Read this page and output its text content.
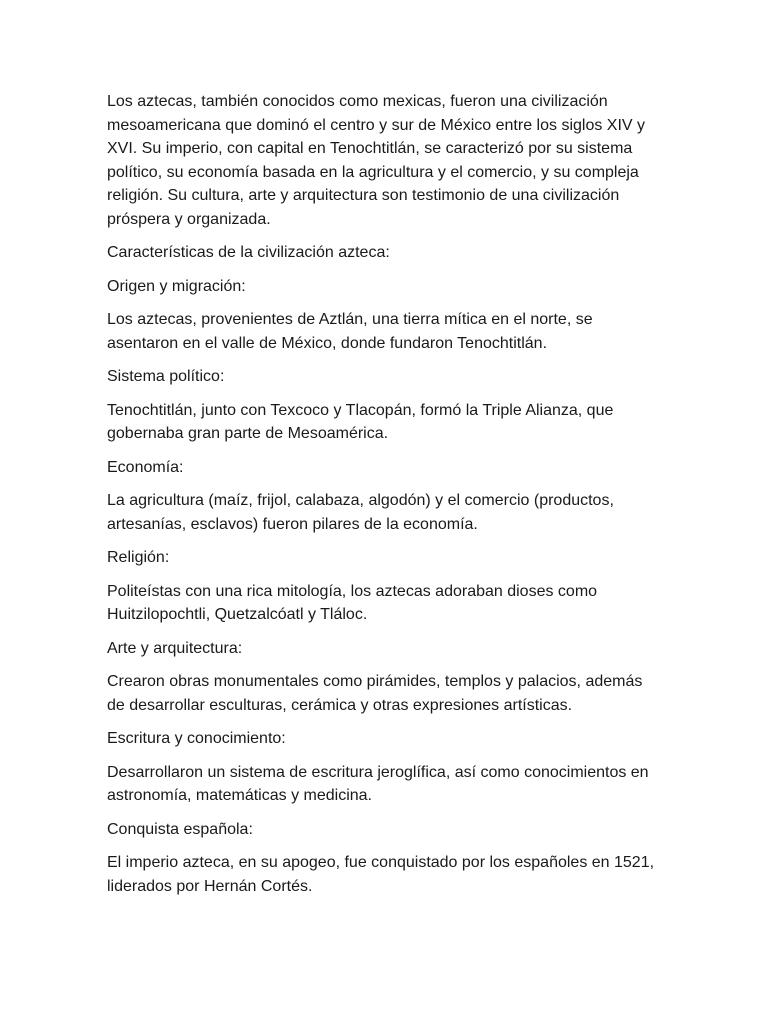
Los aztecas, también conocidos como mexicas, fueron una civilización
mesoamericana que dominó el centro y sur de México entre los siglos XIV y
XVI. Su imperio, con capital en Tenochtitlán, se caracterizó por su sistema
político, su economía basada en la agricultura y el comercio, y su compleja
religión. Su cultura, arte y arquitectura son testimonio de una civilización
próspera y organizada.

Características de la civilización azteca:

Origen y migración:

Los aztecas, provenientes de Aztlán, una tierra mítica en el norte, se
asentaron en el valle de México, donde fundaron Tenochtitlán.

Sistema político:

Tenochtitlán, junto con Texcoco y Tlacopán, formó la Triple Alianza, que
gobernaba gran parte de Mesoamérica.

Economía:

La agricultura (maíz, frijol, calabaza, algodón) y el comercio (productos,
artesanías, esclavos) fueron pilares de la economía.

Religión:

Politeístas con una rica mitología, los aztecas adoraban dioses como
Huitzilopochtli, Quetzalcóatl y Tláloc.

Arte y arquitectura:

Crearon obras monumentales como pirámides, templos y palacios, además
de desarrollar esculturas, cerámica y otras expresiones artísticas.

Escritura y conocimiento:

Desarrollaron un sistema de escritura jeroglífica, así como conocimientos en
astronomía, matemáticas y medicina.

Conquista española:

El imperio azteca, en su apogeo, fue conquistado por los españoles en 1521,
liderados por Hernán Cortés.
